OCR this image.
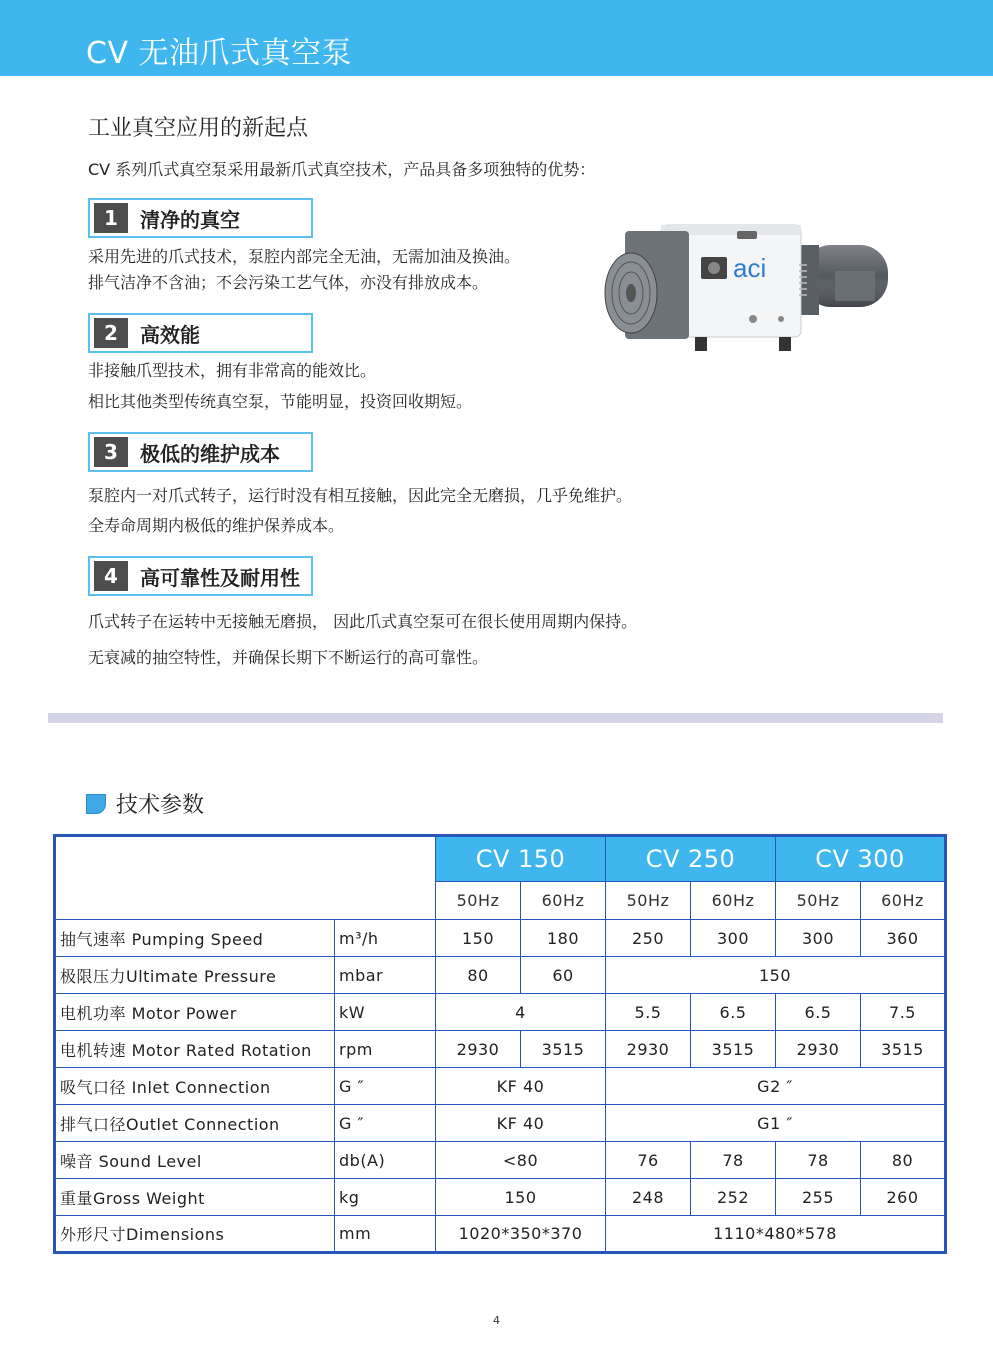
CV 无油爪式真空泵
工业真空应用的新起点
CV 系列爪式真空泵采用最新爪式真空技术，产品具备多项独特的优势：
1	清净的真空
采用先进的爪式技术，泵腔内部完全无油，无需加油及换油。
排气洁净不含油；不会污染工艺气体，亦没有排放成本。
2	高效能
非接触爪型技术，拥有非常高的能效比。
相比其他类型传统真空泵，节能明显，投资回收期短。
3	极低的维护成本
泵腔内一对爪式转子，运行时没有相互接触，因此完全无磨损，几乎免维护。
全寿命周期内极低的维护保养成本。
4	高可靠性及耐用性
爪式转子在运转中无接触无磨损， 因此爪式真空泵可在很长使用周期内保持。
无衰减的抽空特性，并确保长期下不断运行的高可靠性。
aci
技术参数
		CV 150		CV 250		CV 300	
		50Hz	60Hz	50Hz	60Hz	50Hz	60Hz
抽气速率 Pumping Speed	m³/h	150	180	250	300	300	360
极限压力Ultimate Pressure	mbar	80	60	150			
电机功率 Motor Power	kW	4		5.5	6.5	6.5	7.5
电机转速 Motor Rated Rotation	rpm	2930	3515	2930	3515	2930	3515
吸气口径 Inlet Connection	G ″	KF 40		G2 ″			
排气口径Outlet Connection	G ″	KF 40		G1 ″			
噪音 Sound Level	db(A)	<80		76	78	78	80
重量Gross Weight	kg	150		248	252	255	260
外形尺寸Dimensions	mm	1020*350*370		1110*480*578			
4
